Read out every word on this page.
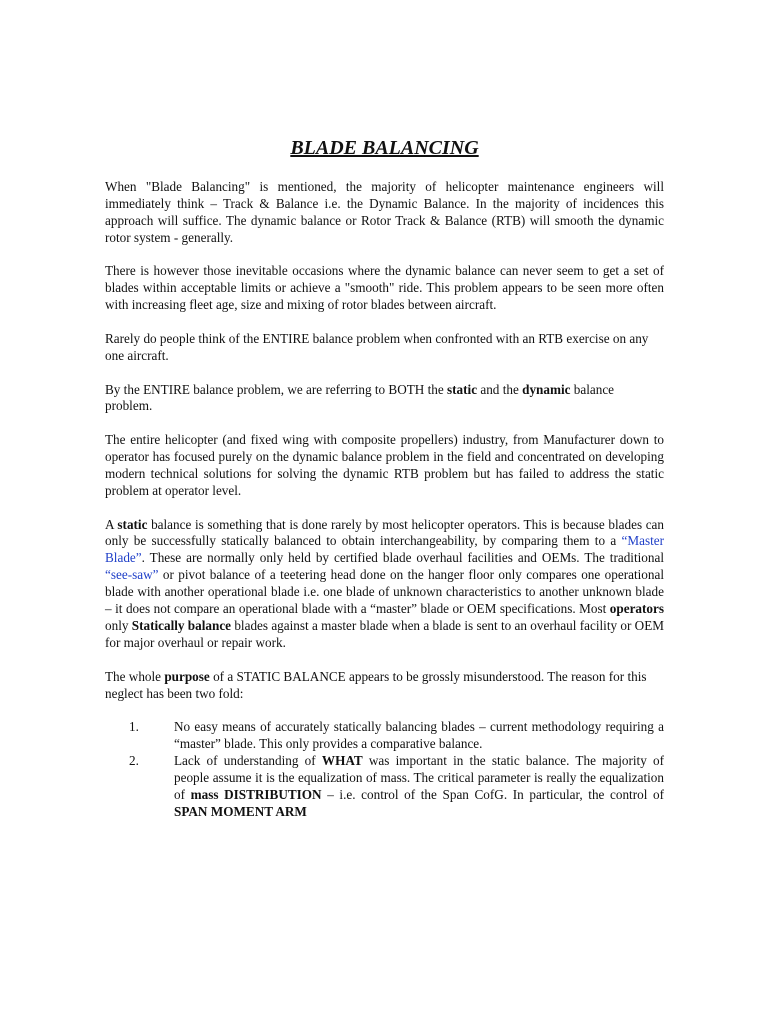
BLADE BALANCING

When "Blade Balancing" is mentioned, the majority of helicopter maintenance engineers will immediately think – Track & Balance i.e. the Dynamic Balance. In the majority of incidences this approach will suffice. The dynamic balance or Rotor Track & Balance (RTB) will smooth the dynamic rotor system - generally.

There is however those inevitable occasions where the dynamic balance can never seem to get a set of blades within acceptable limits or achieve a "smooth" ride. This problem appears to be seen more often with increasing fleet age, size and mixing of rotor blades between aircraft.

Rarely do people think of the ENTIRE balance problem when confronted with an RTB exercise on any one aircraft.

By the ENTIRE balance problem, we are referring to BOTH the static and the dynamic balance problem.

The entire helicopter (and fixed wing with composite propellers) industry, from Manufacturer down to operator has focused purely on the dynamic balance problem in the field and concentrated on developing modern technical solutions for solving the dynamic RTB problem but has failed to address the static problem at operator level.

A static balance is something that is done rarely by most helicopter operators. This is because blades can only be successfully statically balanced to obtain interchangeability, by comparing them to a “Master Blade”. These are normally only held by certified blade overhaul facilities and OEMs. The traditional “see-saw” or pivot balance of a teetering head done on the hanger floor only compares one operational blade with another operational blade i.e. one blade of unknown characteristics to another unknown blade – it does not compare an operational blade with a “master” blade or OEM specifications. Most operators only Statically balance blades against a master blade when a blade is sent to an overhaul facility or OEM for major overhaul or repair work.

The whole purpose of a STATIC BALANCE appears to be grossly misunderstood. The reason for this neglect has been two fold:

1.	No easy means of accurately statically balancing blades – current methodology requiring a “master” blade. This only provides a comparative balance.
2.	Lack of understanding of WHAT was important in the static balance. The majority of people assume it is the equalization of mass. The critical parameter is really the equalization of mass DISTRIBUTION – i.e. control of the Span CofG. In particular, the control of SPAN MOMENT ARM
